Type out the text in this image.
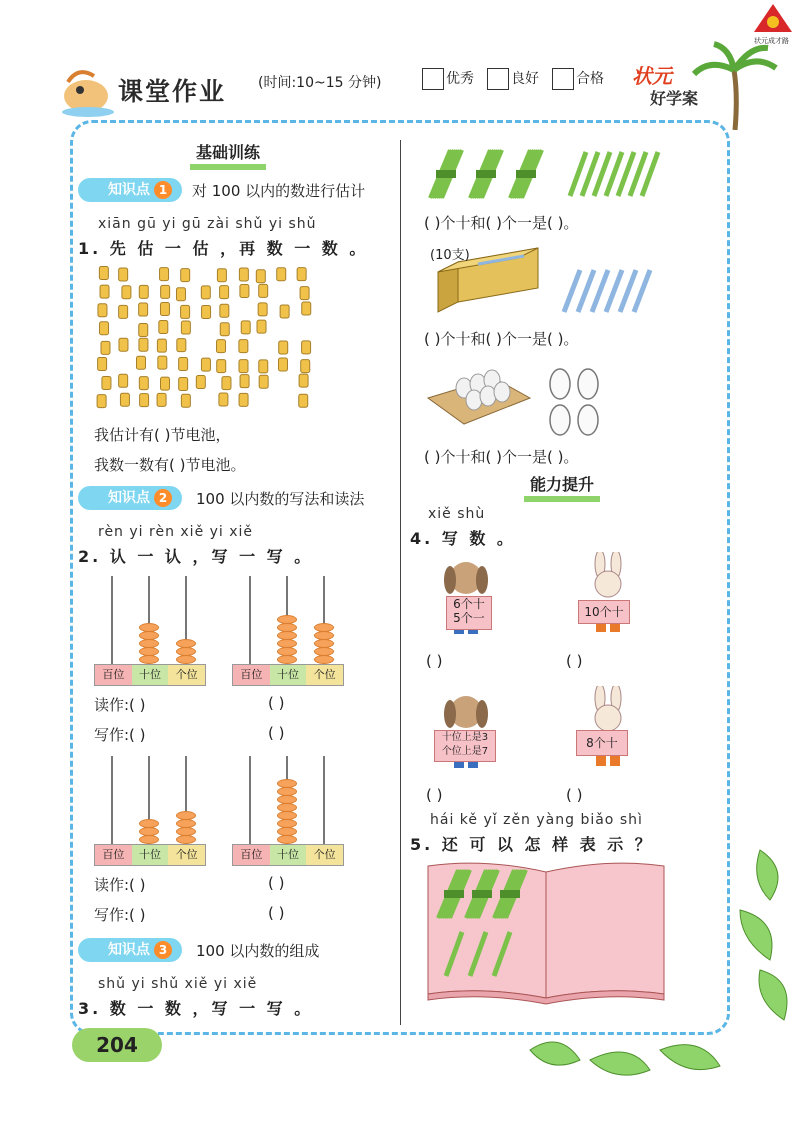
课堂作业 (时间:10~15 分钟)	优秀	良好	合格 状元
好学案
状元成才路
基础训练
知识点 1	对 100 以内的数进行估计
xiān gū yi gū zài shǔ yi shǔ
1. 先 估 一 估 ，再 数 一 数 。
我估计有( )节电池，
我数一数有( )节电池。
知识点 2	100 以内数的写法和读法
rèn yi rèn xiě yi xiě
2. 认 一 认 ，写 一 写 。
百位	十位	个位	百位	十位	个位
读作:( )	( )
写作:( )	( )
百位	十位	个位	百位	十位	个位
读作:( )	( )
写作:( )	( )
知识点 3	100 以内数的组成
shǔ yi shǔ xiě yi xiě
3. 数 一 数 ，写 一 写 。
204
( )个十和( )个一是( )。
(10支)
( )个十和( )个一是( )。
( )个十和( )个一是( )。
能力提升
xiě shù
4. 写 数 。
6个十
5个一	10个十
( )	( )
十位上是3
个位上是7
8个十
( )	( )
hái kě yǐ zěn yàng biǎo shì
5. 还 可 以 怎 样 表 示 ？
